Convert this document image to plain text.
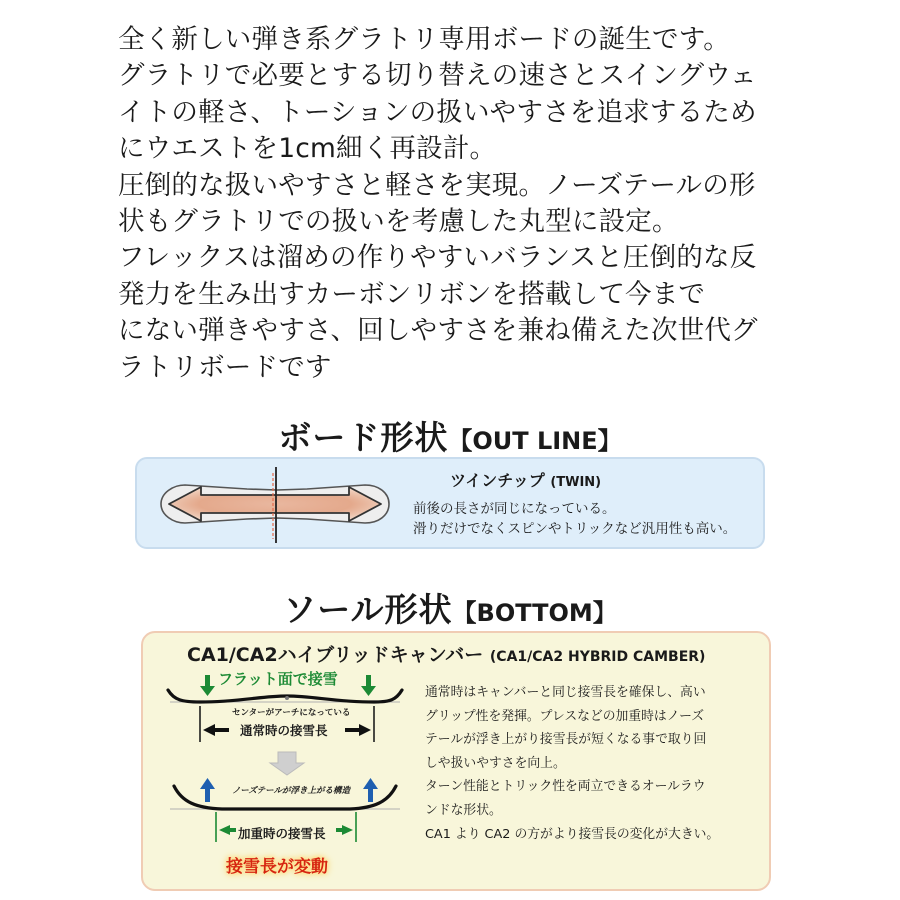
全く新しい弾き系グラトリ専用ボードの誕生です。
グラトリで必要とする切り替えの速さとスイングウェ
イトの軽さ、トーションの扱いやすさを追求するため
にウエストを1cm細く再設計。
圧倒的な扱いやすさと軽さを実現。ノーズテールの形
状もグラトリでの扱いを考慮した丸型に設定。
フレックスは溜めの作りやすいバランスと圧倒的な反
発力を生み出すカーボンリボンを搭載して今まで
にない弾きやすさ、回しやすさを兼ね備えた次世代グ
ラトリボードです
ボード形状【OUT LINE】
ツインチップ (TWIN)
前後の長さが同じになっている。
滑りだけでなくスピンやトリックなど汎用性も高い。
ソール形状【BOTTOM】
CA1/CA2ハイブリッドキャンバー (CA1/CA2 HYBRID CAMBER)
フラット面で接雪
センターがアーチになっている
通常時の接雪長
ノーズテールが浮き上がる構造
加重時の接雪長
接雪長が変動
通常時はキャンバーと同じ接雪長を確保し、高い
グリップ性を発揮。プレスなどの加重時はノーズ
テールが浮き上がり接雪長が短くなる事で取り回
しや扱いやすさを向上。
ターン性能とトリック性を両立できるオールラウ
ンドな形状。
CA1 より CA2 の方がより接雪長の変化が大きい。
